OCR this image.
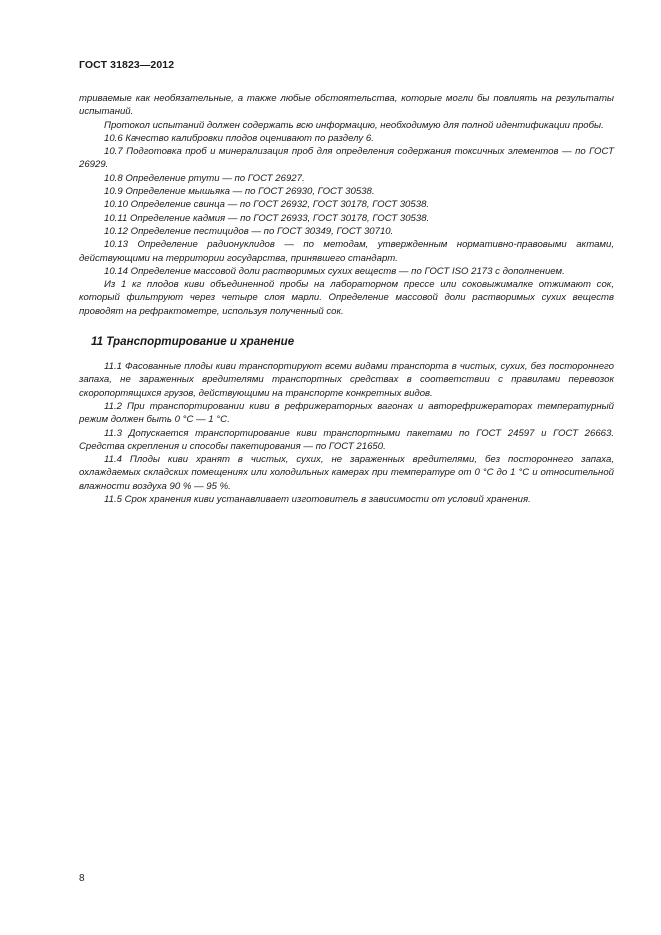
ГОСТ 31823—2012

триваемые как необязательные, а также любые обстоятельства, которые могли бы повлиять на результаты испытаний.

Протокол испытаний должен содержать всю информацию, необходимую для полной идентификации пробы.

10.6 Качество калибровки плодов оценивают по разделу 6.

10.7 Подготовка проб и минерализация проб для определения содержания токсичных элементов — по ГОСТ 26929.

10.8 Определение ртути — по ГОСТ 26927.

10.9 Определение мышьяка — по ГОСТ 26930, ГОСТ 30538.

10.10 Определение свинца — по ГОСТ 26932, ГОСТ 30178, ГОСТ 30538.

10.11 Определение кадмия — по ГОСТ 26933, ГОСТ 30178, ГОСТ 30538.

10.12 Определение пестицидов — по ГОСТ 30349, ГОСТ 30710.

10.13 Определение радионуклидов — по методам, утвержденным нормативно-правовыми актами, действующими на территории государства, принявшего стандарт.

10.14 Определение массовой доли растворимых сухих веществ — по ГОСТ ISO 2173 с дополнением.

Из 1 кг плодов киви объединенной пробы на лабораторном прессе или соковыжималке отжимают сок, который фильтруют через четыре слоя марли. Определение массовой доли растворимых сухих веществ проводят на рефрактометре, используя полученный сок.

11 Транспортирование и хранение

11.1 Фасованные плоды киви транспортируют всеми видами транспорта в чистых, сухих, без постороннего запаха, не зараженных вредителями транспортных средствах в соответствии с правилами перевозок скоропортящихся грузов, действующими на транспорте конкретных видов.

11.2 При транспортировании киви в рефрижераторных вагонах и авторефрижераторах температурный режим должен быть 0 °С — 1 °С.

11.3 Допускается транспортирование киви транспортными пакетами по ГОСТ 24597 и ГОСТ 26663. Средства скрепления и способы пакетирования — по ГОСТ 21650.

11.4 Плоды киви хранят в чистых, сухих, не зараженных вредителями, без постороннего запаха, охлаждаемых складских помещениях или холодильных камерах при температуре от 0 °С до 1 °С и относительной влажности воздуха 90 % — 95 %.

11.5 Срок хранения киви устанавливает изготовитель в зависимости от условий хранения.

8
